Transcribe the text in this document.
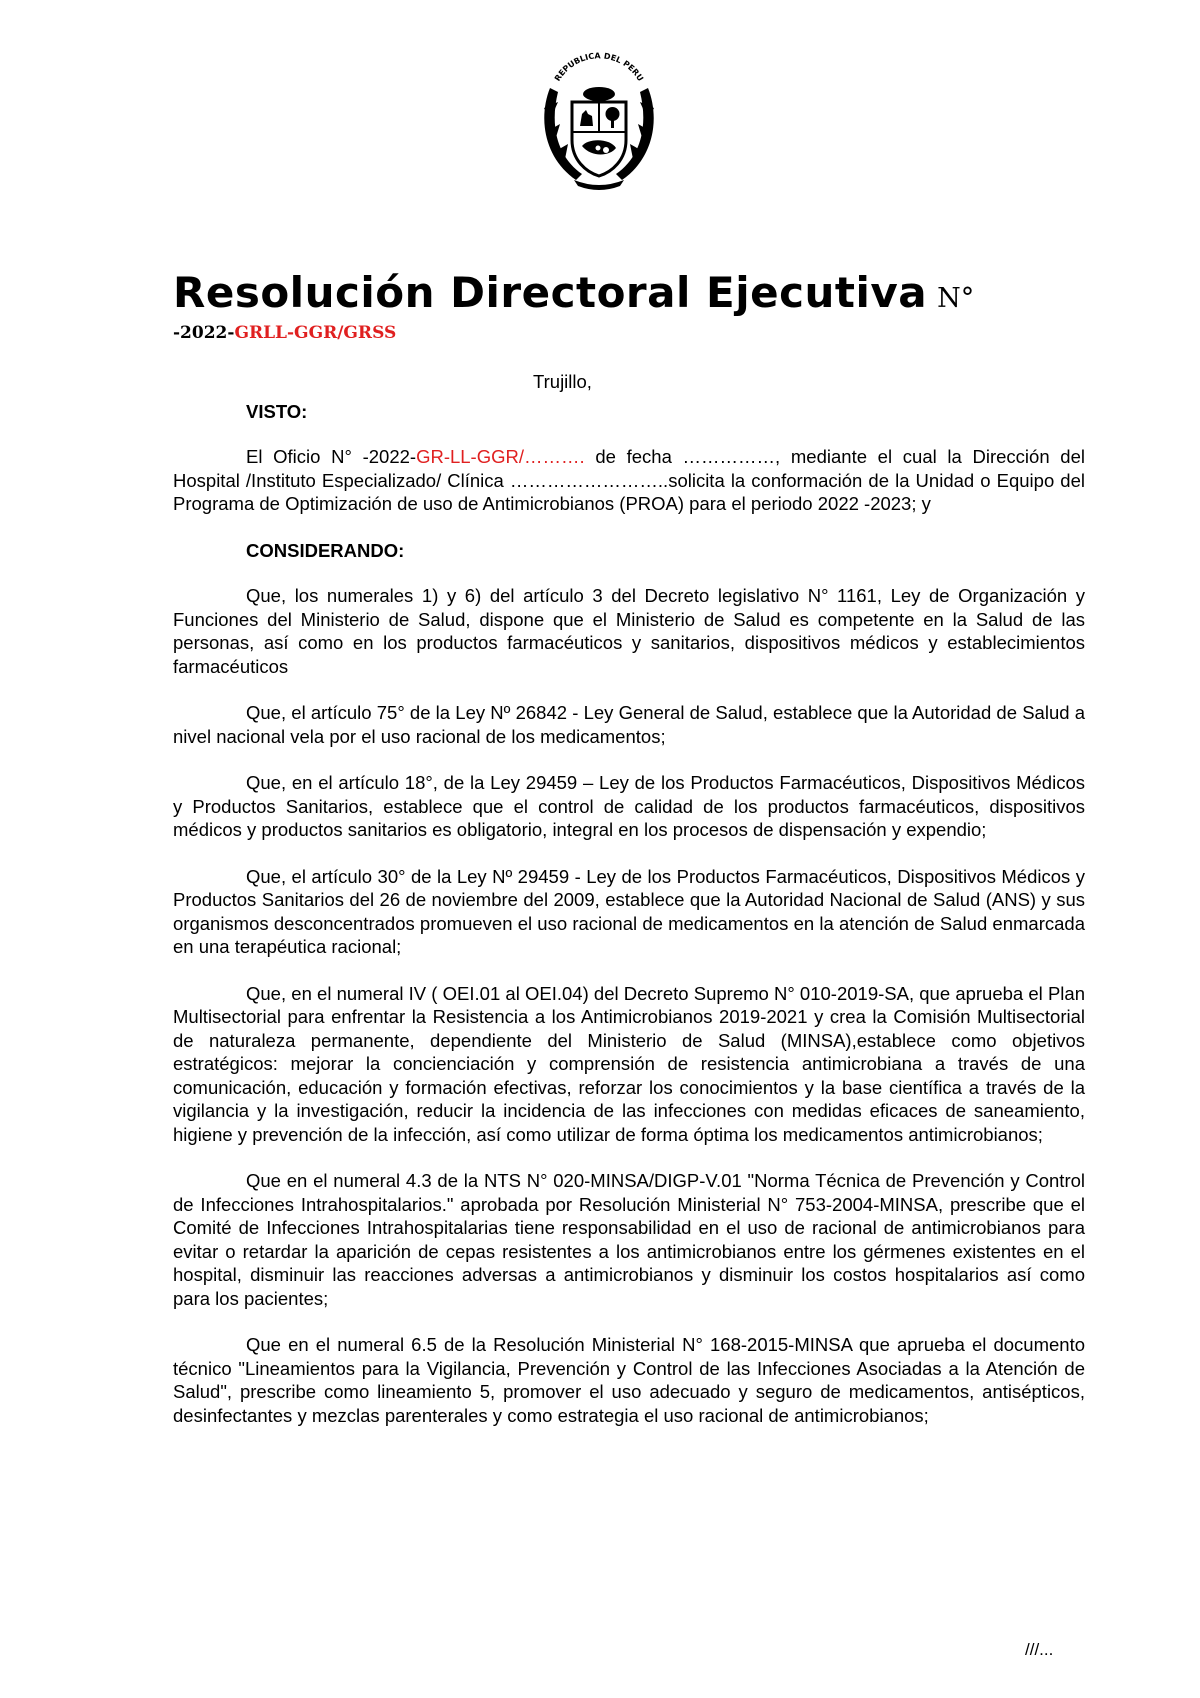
REPUBLICA DEL PERU
Resolución Directoral Ejecutiva N°
-2022-GRLL-GGR/GRSS

Trujillo,

VISTO:

El Oficio N° -2022-GR-LL-GGR/………. de fecha ……………, mediante el cual la Dirección del Hospital /Instituto Especializado/ Clínica ……………………..solicita la conformación de la Unidad o Equipo del Programa de Optimización de uso de Antimicrobianos (PROA) para el periodo 2022 -2023; y

CONSIDERANDO:

Que, los numerales 1) y 6) del artículo 3 del Decreto legislativo N° 1161, Ley de Organización y Funciones del Ministerio de Salud, dispone que el Ministerio de Salud es competente en la Salud de las personas, así como en los productos farmacéuticos y sanitarios, dispositivos médicos y establecimientos farmacéuticos

Que, el artículo 75° de la Ley Nº 26842 - Ley General de Salud, establece que la Autoridad de Salud a nivel nacional vela por el uso racional de los medicamentos;

Que, en el artículo 18°, de la Ley 29459 – Ley de los Productos Farmacéuticos, Dispositivos Médicos y Productos Sanitarios, establece que el control de calidad de los productos farmacéuticos, dispositivos médicos y productos sanitarios es obligatorio, integral en los procesos de dispensación y expendio;

Que, el artículo 30° de la Ley Nº 29459 - Ley de los Productos Farmacéuticos, Dispositivos Médicos y Productos Sanitarios del 26 de noviembre del 2009, establece que la Autoridad Nacional de Salud (ANS) y sus organismos desconcentrados promueven el uso racional de medicamentos en la atención de Salud enmarcada en una terapéutica racional;

Que, en el numeral IV ( OEI.01 al OEI.04) del Decreto Supremo N° 010-2019-SA, que aprueba el Plan Multisectorial para enfrentar la Resistencia a los Antimicrobianos 2019-2021 y crea la Comisión Multisectorial de naturaleza permanente, dependiente del Ministerio de Salud (MINSA),establece como objetivos estratégicos: mejorar la concienciación y comprensión de resistencia antimicrobiana a través de una comunicación, educación y formación efectivas, reforzar los conocimientos y la base científica a través de la vigilancia y la investigación, reducir la incidencia de las infecciones con medidas eficaces de saneamiento, higiene y prevención de la infección, así como utilizar de forma óptima los medicamentos antimicrobianos;

Que en el numeral 4.3 de la NTS N° 020-MINSA/DIGP-V.01 "Norma Técnica de Prevención y Control de Infecciones Intrahospitalarios." aprobada por Resolución Ministerial N° 753-2004-MINSA, prescribe que el Comité de Infecciones Intrahospitalarias tiene responsabilidad en el uso de racional de antimicrobianos para evitar o retardar la aparición de cepas resistentes a los antimicrobianos entre los gérmenes existentes en el hospital, disminuir las reacciones adversas a antimicrobianos y disminuir los costos hospitalarios así como para los pacientes;

Que en el numeral 6.5 de la Resolución Ministerial N° 168-2015-MINSA que aprueba el documento técnico "Lineamientos para la Vigilancia, Prevención y Control de las Infecciones Asociadas a la Atención de Salud", prescribe como lineamiento 5, promover el uso adecuado y seguro de medicamentos, antisépticos, desinfectantes y mezclas parenterales y como estrategia el uso racional de antimicrobianos;

///...
